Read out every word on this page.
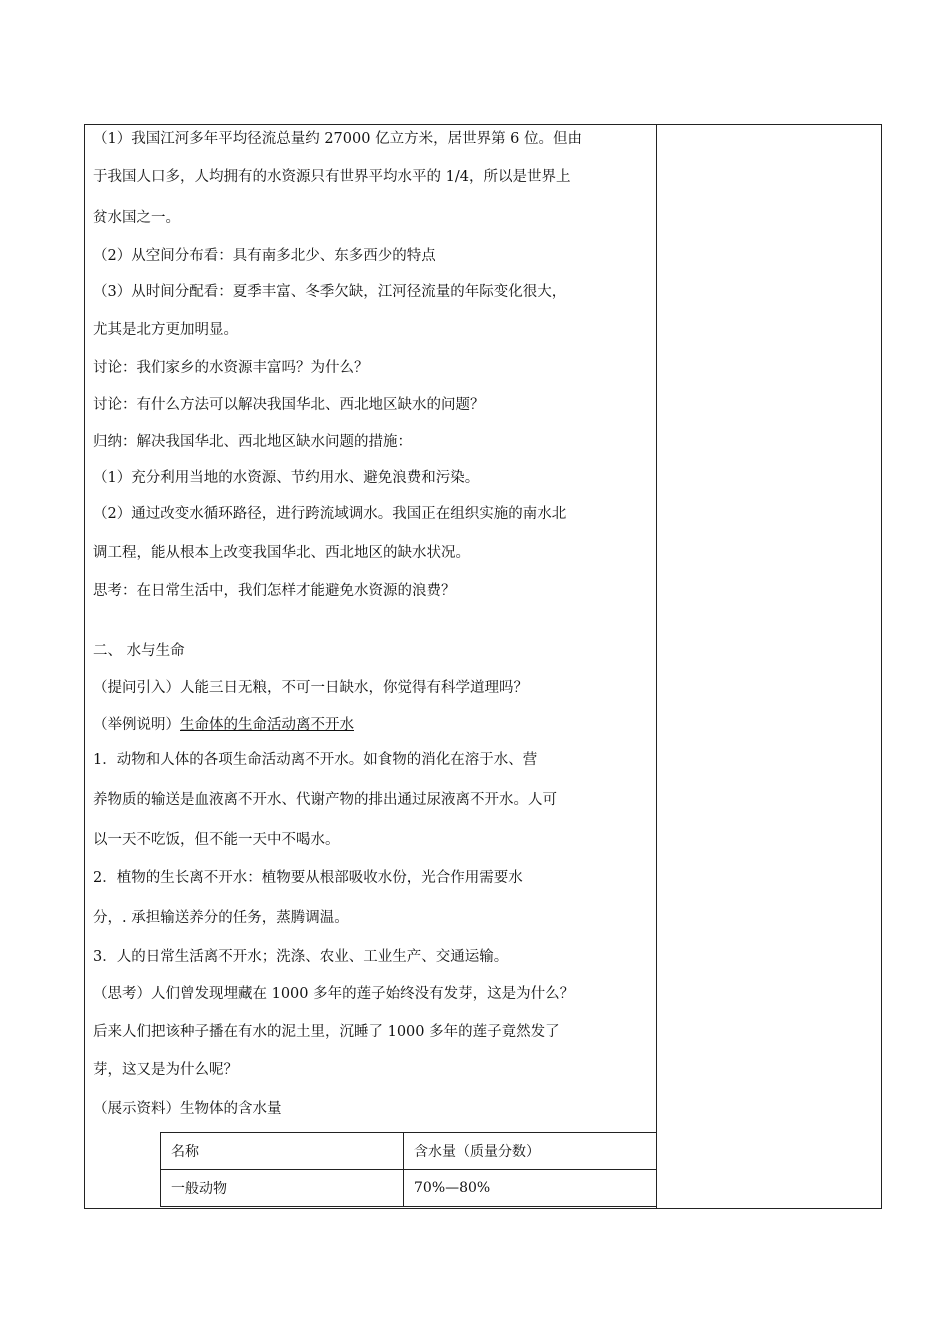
（1）我国江河多年平均径流总量约 27000 亿立方米，居世界第 6 位。但由
于我国人口多，人均拥有的水资源只有世界平均水平的 1/4，所以是世界上
贫水国之一。
（2）从空间分布看：具有南多北少、东多西少的特点
（3）从时间分配看：夏季丰富、冬季欠缺，江河径流量的年际变化很大，
尤其是北方更加明显。
讨论：我们家乡的水资源丰富吗？为什么？
讨论：有什么方法可以解决我国华北、西北地区缺水的问题？
归纳：解决我国华北、西北地区缺水问题的措施：
（1）充分利用当地的水资源、节约用水、避免浪费和污染。
（2）通过改变水循环路径，进行跨流域调水。我国正在组织实施的南水北
调工程，能从根本上改变我国华北、西北地区的缺水状况。
思考：在日常生活中，我们怎样才能避免水资源的浪费？
二、 水与生命
（提问引入）人能三日无粮，不可一日缺水，你觉得有科学道理吗？
（举例说明）生命体的生命活动离不开水
1．动物和人体的各项生命活动离不开水。如食物的消化在溶于水、营
养物质的输送是血液离不开水、代谢产物的排出通过尿液离不开水。人可
以一天不吃饭，但不能一天中不喝水。
2．植物的生长离不开水：植物要从根部吸收水份，光合作用需要水
分，. 承担输送养分的任务，蒸腾调温。
3．人的日常生活离不开水；洗涤、农业、工业生产、交通运输。
（思考）人们曾发现埋藏在 1000 多年的莲子始终没有发芽，这是为什么？
后来人们把该种子播在有水的泥土里，沉睡了 1000 多年的莲子竟然发了
芽，这又是为什么呢？
（展示资料）生物体的含水量
名称	含水量（质量分数）
一般动物	70%—80%
